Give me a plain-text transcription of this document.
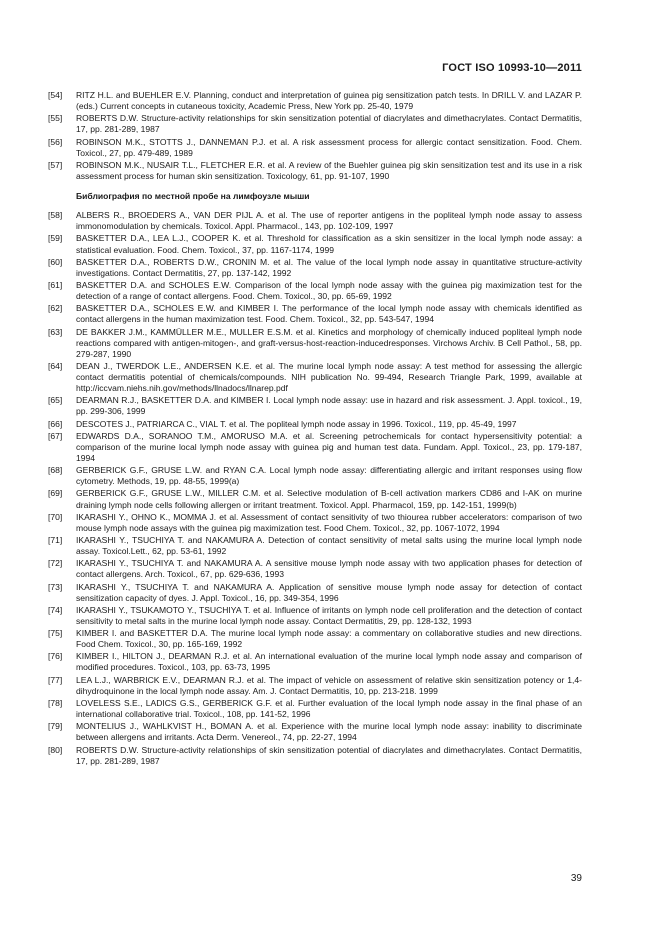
ГОСТ ISO 10993-10—2011
[54]	RITZ H.L. and BUEHLER E.V. Planning, conduct and interpretation of guinea pig sensitization patch tests. In DRILL V. and LAZAR P. (eds.) Current concepts in cutaneous toxicity, Academic Press, New York pp. 25-40, 1979
[55]	ROBERTS D.W. Structure-activity relationships for skin sensitization potential of diacrylates and dimethacrylates. Contact Dermatitis, 17, pp. 281-289, 1987
[56]	ROBINSON M.K., STOTTS J., DANNEMAN P.J. et al. A risk assessment process for allergic contact sensitization. Food. Chem. Toxicol., 27, pp. 479-489, 1989
[57]	ROBINSON M.K., NUSAIR T.L., FLETCHER E.R. et al. A review of the Buehler guinea pig skin sensitization test and its use in a risk assessment process for human skin sensitization. Toxicology, 61, pp. 91-107, 1990
Библиография по местной пробе на лимфоузле мыши
[58]	ALBERS R., BROEDERS A., VAN DER PIJL A. et al. The use of reporter antigens in the popliteal lymph node assay to assess immonomodulation by chemicals. Toxicol. Appl. Pharmacol., 143, pp. 102-109, 1997
[59]	BASKETTER D.A., LEA L.J., COOPER K. et al. Threshold for classification as a skin sensitizer in the local lymph node assay: a statistical evaluation. Food. Chem. Toxicol., 37, pp. 1167-1174, 1999
[60]	BASKETTER D.A., ROBERTS D.W., CRONIN M. et al. The value of the local lymph node assay in quantitative structure-activity investigations. Contact Dermatitis, 27, pp. 137-142, 1992
[61]	BASKETTER D.A. and SCHOLES E.W. Comparison of the local lymph node assay with the guinea pig maximization test for the detection of a range of contact allergens. Food. Chem. Toxicol., 30, pp. 65-69, 1992
[62]	BASKETTER D.A., SCHOLES E.W. and KIMBER I. The performance of the local lymph node assay with chemicals identified as contact allergens in the human maximization test. Food. Chem. Toxicol., 32, pp. 543-547, 1994
[63]	DE BAKKER J.M., KAMMÜLLER M.E., MULLER E.S.M. et al. Kinetics and morphology of chemically induced popliteal lymph node reactions compared with antigen-mitogen-, and graft-versus-host-reaction-inducedresponses. Virchows Archiv. B Cell Pathol., 58, pp. 279-287, 1990
[64]	DEAN J., TWERDOK L.E., ANDERSEN K.E. et al. The murine local lymph node assay: A test method for assessing the allergic contact dermatitis potential of chemicals/compounds. NIH publication No. 99-494, Research Triangle Park, 1999, available at http://iccvam.niehs.nih.gov/methods/llnadocs/llnarep.pdf
[65]	DEARMAN R.J., BASKETTER D.A. and KIMBER I. Local lymph node assay: use in hazard and risk assessment. J. Appl. toxicol., 19, pp. 299-306, 1999
[66]	DESCOTES J., PATRIARCA C., VIAL T. et al. The popliteal lymph node assay in 1996. Toxicol., 119, pp. 45-49, 1997
[67]	EDWARDS D.A., SORANOO T.M., AMORUSO M.A. et al. Screening petrochemicals for contact hypersensitivity potential: a comparison of the murine local lymph node assay with guinea pig and human test data. Fundam. Appl. Toxicol., 23, pp. 179-187, 1994
[68]	GERBERICK G.F., GRUSE L.W. and RYAN C.A. Local lymph node assay: differentiating allergic and irritant responses using flow cytometry. Methods, 19, pp. 48-55, 1999(a)
[69]	GERBERICK G.F., GRUSE L.W., MILLER C.M. et al. Selective modulation of B-cell activation markers CD86 and I-AK on murine draining lymph node cells following allergen or irritant treatment. Toxicol. Appl. Pharmacol, 159, pp. 142-151, 1999(b)
[70]	IKARASHI Y., OHNO K., MOMMA J. et al. Assessment of contact sensitivity of two thiourea rubber accelerators: comparison of two mouse lymph node assays with the guinea pig maximization test. Food Chem. Toxicol., 32, pp. 1067-1072, 1994
[71]	IKARASHI Y., TSUCHIYA T. and NAKAMURA A. Detection of contact sensitivity of metal salts using the murine local lymph node assay. Toxicol.Lett., 62, pp. 53-61, 1992
[72]	IKARASHI Y., TSUCHIYA T. and NAKAMURA A. A sensitive mouse lymph node assay with two application phases for detection of contact allergens. Arch. Toxicol., 67, pp. 629-636, 1993
[73]	IKARASHI Y., TSUCHIYA T. and NAKAMURA A. Application of sensitive mouse lymph node assay for detection of contact sensitization capacity of dyes. J. Appl. Toxicol., 16, pp. 349-354, 1996
[74]	IKARASHI Y., TSUKAMOTO Y., TSUCHIYA T. et al. Influence of irritants on lymph node cell proliferation and the detection of contact sensitivity to metal salts in the murine local lymph node assay. Contact Dermatitis, 29, pp. 128-132, 1993
[75]	KIMBER I. and BASKETTER D.A. The murine local lymph node assay: a commentary on collaborative studies and new directions. Food Chem. Toxicol., 30, pp. 165-169, 1992
[76]	KIMBER I., HILTON J., DEARMAN R.J. et al. An international evaluation of the murine local lymph node assay and comparison of modified procedures. Toxicol., 103, pp. 63-73, 1995
[77]	LEA L.J., WARBRICK E.V., DEARMAN R.J. et al. The impact of vehicle on assessment of relative skin sensitization potency or 1,4-dihydroquinone in the local lymph node assay. Am. J. Contact Dermatitis, 10, pp. 213-218. 1999
[78]	LOVELESS S.E., LADICS G.S., GERBERICK G.F. et al. Further evaluation of the local lymph node assay in the final phase of an international collaborative trial. Toxicol., 108, pp. 141-52, 1996
[79]	MONTELIUS J., WAHLKVIST H., BOMAN A. et al. Experience with the murine local lymph node assay: inability to discriminate between allergens and irritants. Acta Derm. Venereol., 74, pp. 22-27, 1994
[80]	ROBERTS D.W. Structure-activity relationships of skin sensitization potential of diacrylates and dimethacrylates. Contact Dermatitis, 17, pp. 281-289, 1987
39
